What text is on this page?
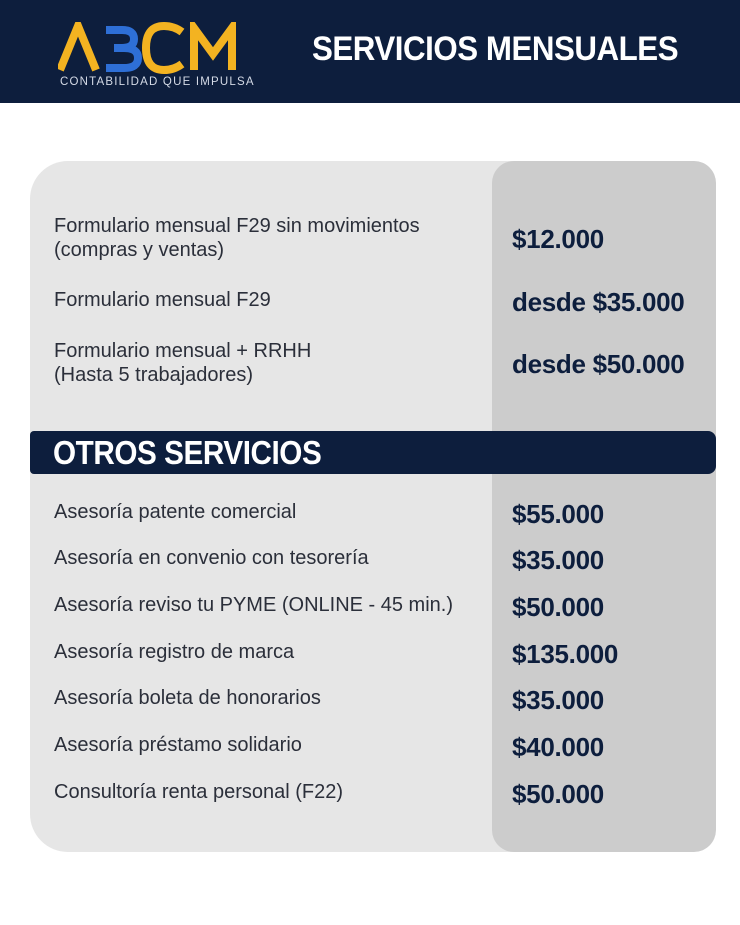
CONTABILIDAD QUE IMPULSA

SERVICIOS MENSUALES
Formulario mensual F29 sin movimientos
(compras y ventas)	$12.000
Formulario mensual F29	desde $35.000
Formulario mensual + RRHH
(Hasta 5 trabajadores)	desde $50.000
OTROS SERVICIOS
Asesoría patente comercial	$55.000
Asesoría en convenio con tesorería	$35.000
Asesoría reviso tu PYME (ONLINE - 45 min.) $50.000
Asesoría registro de marca	$135.000
Asesoría boleta de honorarios	$35.000
Asesoría préstamo solidario	$40.000
Consultoría renta personal (F22)	$50.000
